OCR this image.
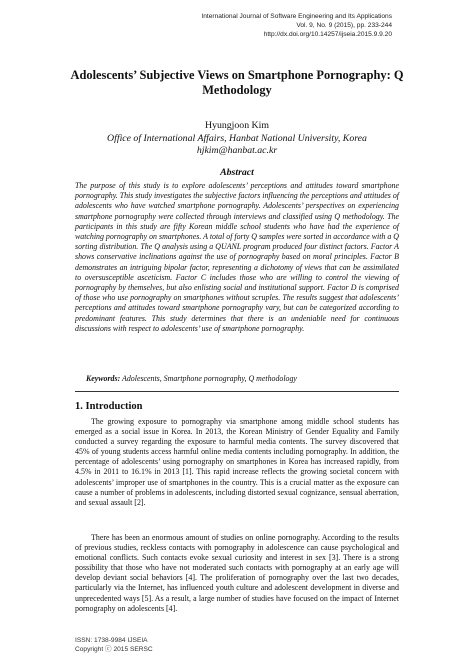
International Journal of Software Engineering and Its Applications
Vol. 9, No. 9 (2015), pp. 233-244
http://dx.doi.org/10.14257/ijseia.2015.9.9.20
Adolescents’ Subjective Views on Smartphone Pornography: Q Methodology
Hyungjoon Kim
Office of International Affairs, Hanbat National University, Korea
hjkim@hanbat.ac.kr
Abstract
The purpose of this study is to explore adolescents’ perceptions and attitudes toward smartphone pornography. This study investigates the subjective factors influencing the perceptions and attitudes of adolescents who have watched smartphone pornography. Adolescents’ perspectives on experiencing smartphone pornography were collected through interviews and classified using Q methodology. The participants in this study are fifty Korean middle school students who have had the experience of watching pornography on smartphones. A total of forty Q samples were sorted in accordance with a Q sorting distribution. The Q analysis using a QUANL program produced four distinct factors. Factor A shows conservative inclinations against the use of pornography based on moral principles. Factor B demonstrates an intriguing bipolar factor, representing a dichotomy of views that can be assimilated to oversusceptible asceticism. Factor C includes those who are willing to control the viewing of pornography by themselves, but also enlisting social and institutional support. Factor D is comprised of those who use pornography on smartphones without scruples. The results suggest that adolescents’ perceptions and attitudes toward smartphone pornography vary, but can be categorized according to predominant features. This study determines that there is an undeniable need for continuous discussions with respect to adolescents’ use of smartphone pornography.
Keywords: Adolescents, Smartphone pornography, Q methodology
1. Introduction

The growing exposure to pornography via smartphone among middle school students has emerged as a social issue in Korea. In 2013, the Korean Ministry of Gender Equality and Family conducted a survey regarding the exposure to harmful media contents. The survey discovered that 45% of young students access harmful online media contents including pornography. In addition, the percentage of adolescents’ using pornography on smartphones in Korea has increased rapidly, from 4.5% in 2011 to 16.1% in 2013 [1]. This rapid increase reflects the growing societal concern with adolescents’ improper use of smartphones in the country. This is a crucial matter as the exposure can cause a number of problems in adolescents, including distorted sexual cognizance, sensual aberration, and sexual assault [2].

There has been an enormous amount of studies on online pornography. According to the results of previous studies, reckless contacts with pornography in adolescence can cause psychological and emotional conflicts. Such contacts evoke sexual curiosity and interest in sex [3]. There is a strong possibility that those who have not moderated such contacts with pornography at an early age will develop deviant social behaviors [4]. The proliferation of pornography over the last two decades, particularly via the Internet, has influenced youth culture and adolescent development in diverse and unprecedented ways [5]. As a result, a large number of studies have focused on the impact of Internet pornography on adolescents [4].

ISSN: 1738-9984 IJSEIA
Copyright ⓒ 2015 SERSC
